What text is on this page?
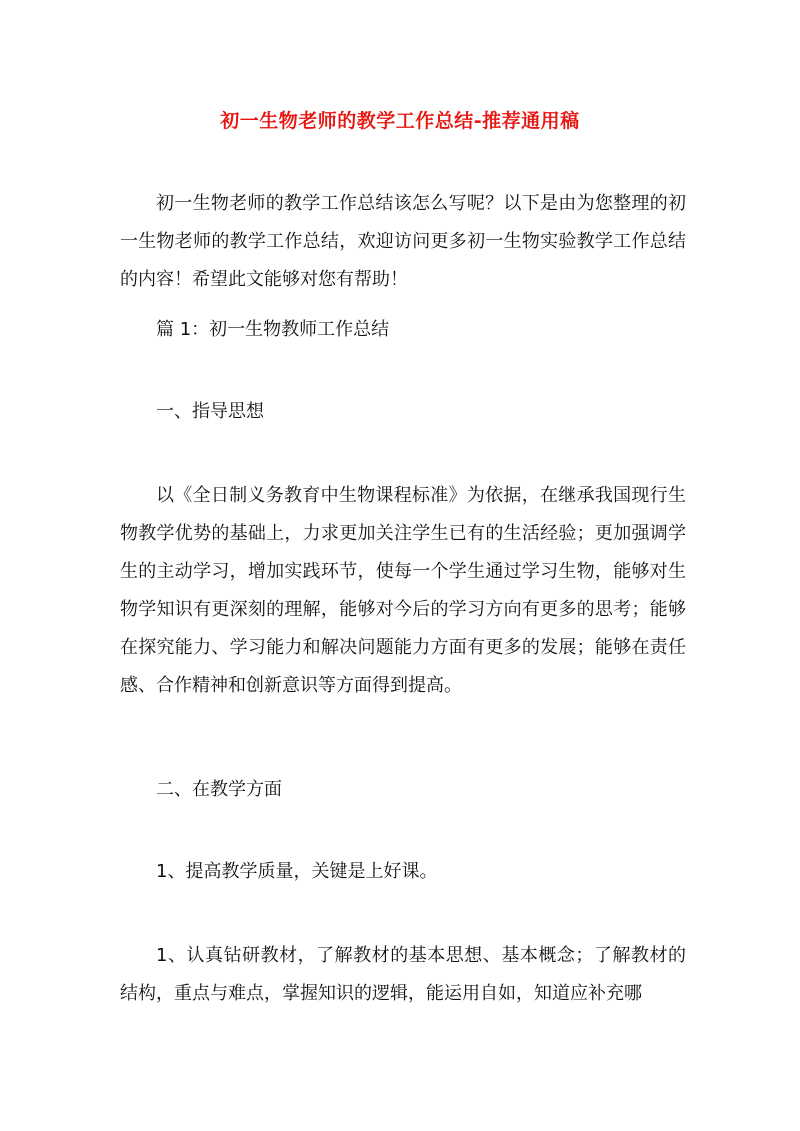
初一生物老师的教学工作总结-推荐通用稿

初一生物老师的教学工作总结该怎么写呢？以下是由为您整理的初一生物老师的教学工作总结，欢迎访问更多初一生物实验教学工作总结的内容！希望此文能够对您有帮助！

篇 1：初一生物教师工作总结

一、指导思想

以《全日制义务教育中生物课程标准》为依据，在继承我国现行生物教学优势的基础上，力求更加关注学生已有的生活经验；更加强调学生的主动学习，增加实践环节，使每一个学生通过学习生物，能够对生物学知识有更深刻的理解，能够对今后的学习方向有更多的思考；能够在探究能力、学习能力和解决问题能力方面有更多的发展；能够在责任感、合作精神和创新意识等方面得到提高。

二、在教学方面

1、提高教学质量，关键是上好课。

1、认真钻研教材，了解教材的基本思想、基本概念；了解教材的结构，重点与难点，掌握知识的逻辑，能运用自如，知道应补充哪
